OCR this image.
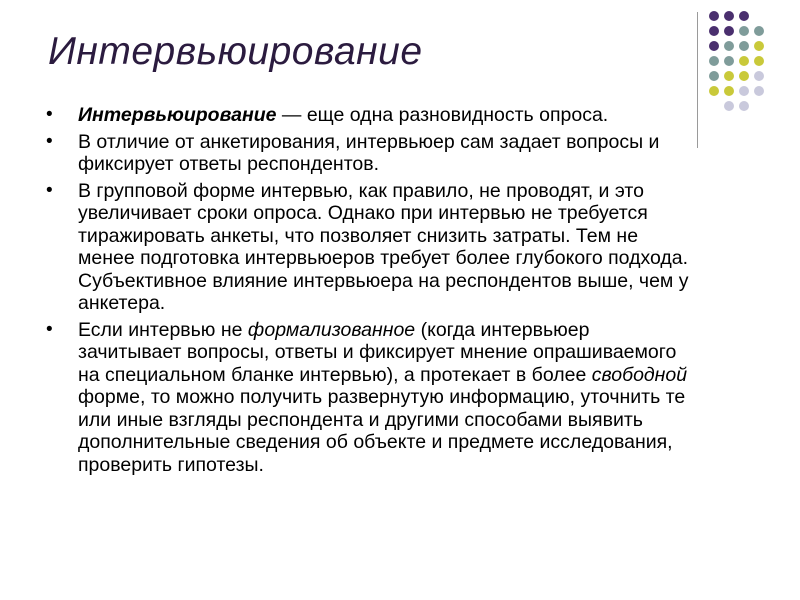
Интервьюирование
• Интервьюирование — еще одна разновидность опроса.
• В отличие от анкетирования, интервьюер сам задает вопросы и фиксирует ответы респондентов.
• В групповой форме интервью, как правило, не проводят, и это увеличивает сроки опроса. Однако при интервью не требуется тиражировать анкеты, что позволяет снизить затраты. Тем не менее подготовка интервьюеров требует более глубокого подхода. Субъективное влияние интервьюера на респондентов выше, чем у анкетера.
• Если интервью не формализованное (когда интервьюер зачитывает вопросы, ответы и фиксирует мнение опрашиваемого на специальном бланке интервью), а протекает в более свободной форме, то можно получить развернутую информацию, уточнить те или иные взгляды респондента и другими способами выявить дополнительные сведения об объекте и предмете исследования, проверить гипотезы.
